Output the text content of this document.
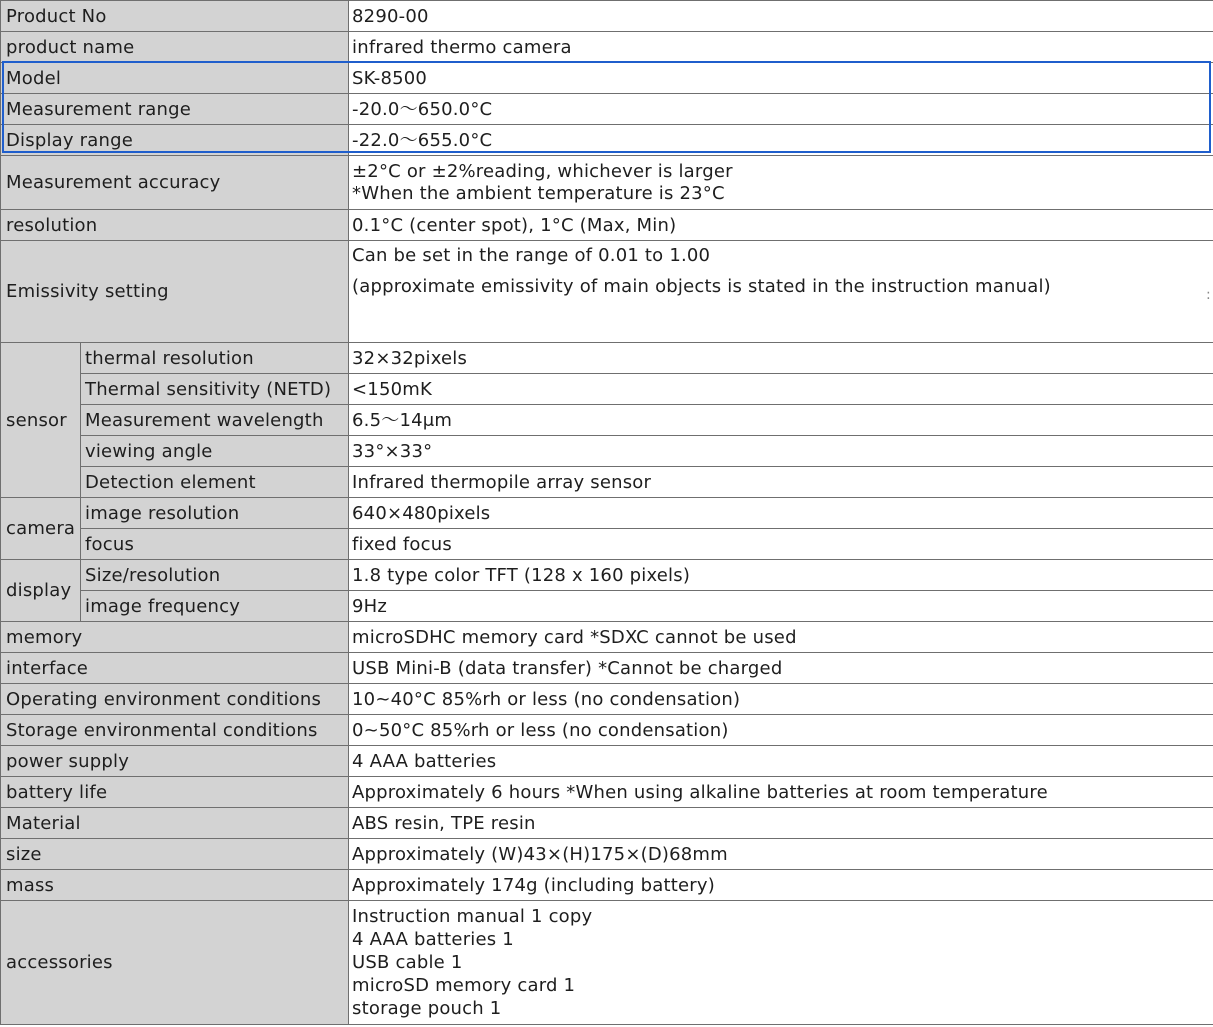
Product No		8290-00
product name		infrared thermo camera
Model		SK-8500
Measurement range		-20.0〜650.0°C
Display range		-22.0〜655.0°C
Measurement accuracy		±2°C or ±2%reading, whichever is larger
*When the ambient temperature is 23°C

resolution		0.1°C (center spot), 1°C (Max, Min)
Emissivity setting		Can be set in the range of 0.01 to 1.00
(approximate emissivity of main objects is stated in the instruction manual)

sensor	thermal resolution	32×32pixels
	Thermal sensitivity (NETD)	<150mK
	Measurement wavelength	6.5〜14μm
	viewing angle	33°×33°
	Detection element	Infrared thermopile array sensor
camera	image resolution	640×480pixels
	focus	fixed focus
display	Size/resolution	1.8 type color TFT (128 x 160 pixels)
	image frequency	9Hz
memory		microSDHC memory card *SDXC cannot be used
interface		USB Mini-B (data transfer) *Cannot be charged
Operating environment conditions		10~40°C 85%rh or less (no condensation)
Storage environmental conditions		0~50°C 85%rh or less (no condensation)
power supply		4 AAA batteries
battery life		Approximately 6 hours *When using alkaline batteries at room temperature
Material		ABS resin, TPE resin
size		Approximately (W)43×(H)175×(D)68mm
mass		Approximately 174g (including battery)
accessories		Instruction manual 1 copy
4 AAA batteries 1
USB cable 1
microSD memory card 1
storage pouch 1
:
